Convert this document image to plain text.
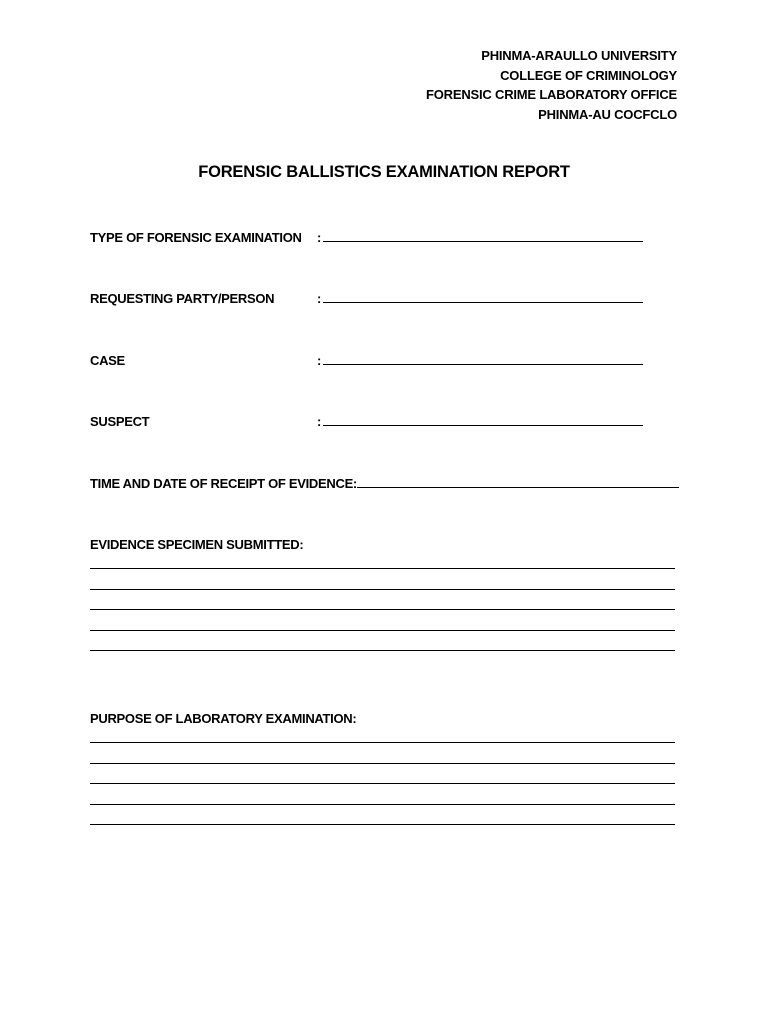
PHINMA-ARAULLO UNIVERSITY
COLLEGE OF CRIMINOLOGY
FORENSIC CRIME LABORATORY OFFICE
PHINMA-AU COCFCLO
FORENSIC BALLISTICS EXAMINATION REPORT
TYPE OF FORENSIC EXAMINATION :
REQUESTING PARTY/PERSON	:
CASE	:
SUSPECT	:
TIME AND DATE OF RECEIPT OF EVIDENCE:
EVIDENCE SPECIMEN SUBMITTED:
PURPOSE OF LABORATORY EXAMINATION:
